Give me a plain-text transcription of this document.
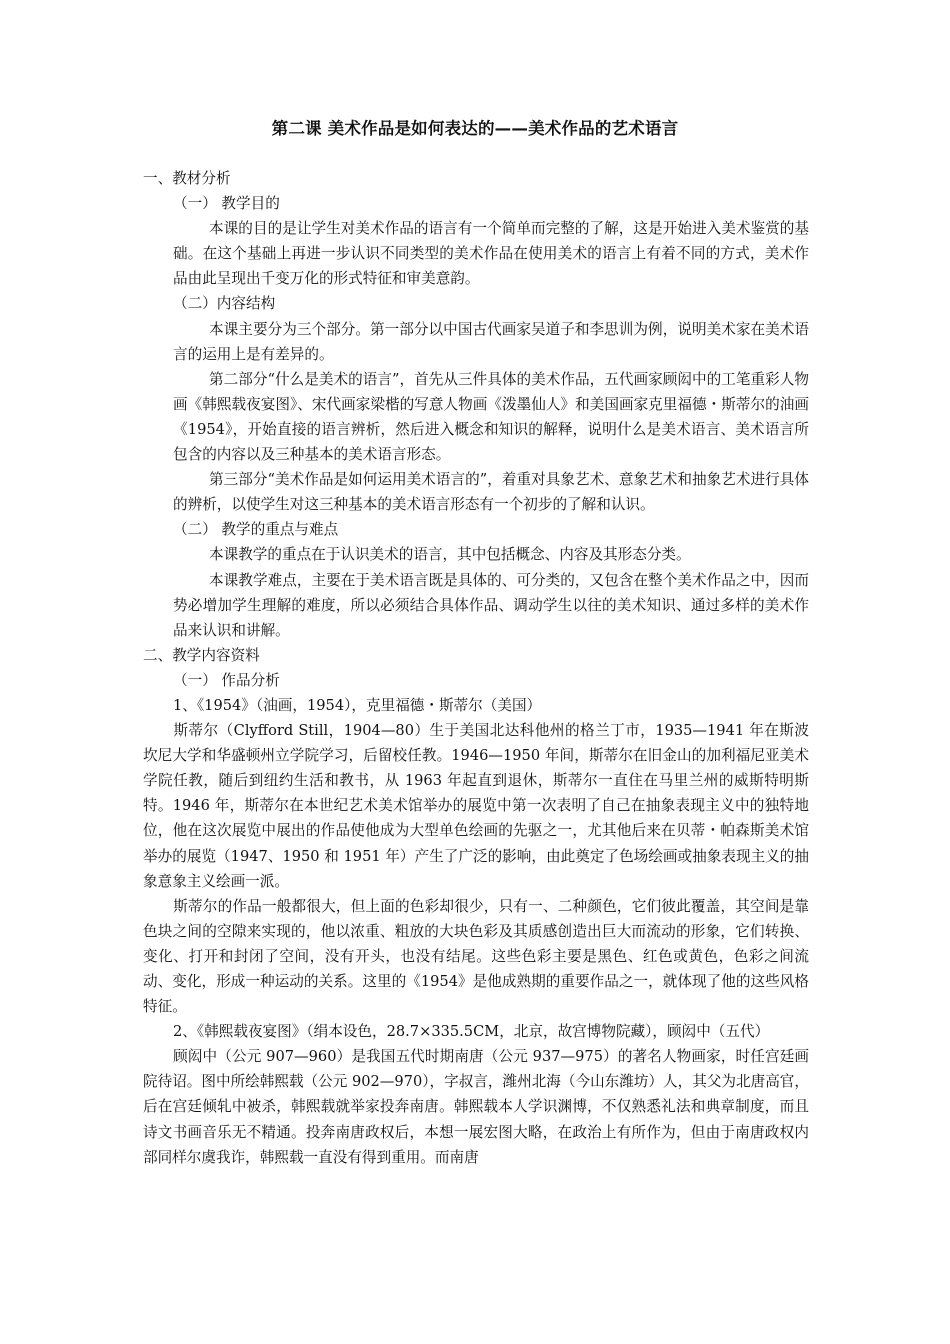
第二课 美术作品是如何表达的——美术作品的艺术语言

一、教材分析

（一） 教学目的

本课的目的是让学生对美术作品的语言有一个简单而完整的了解，这是开始进入美术鉴赏的基础。在这个基础上再进一步认识不同类型的美术作品在使用美术的语言上有着不同的方式，美术作品由此呈现出千变万化的形式特征和审美意韵。

（二）内容结构

本课主要分为三个部分。第一部分以中国古代画家吴道子和李思训为例，说明美术家在美术语言的运用上是有差异的。

第二部分“什么是美术的语言”，首先从三件具体的美术作品，五代画家顾闳中的工笔重彩人物画《韩熙载夜宴图》、宋代画家梁楷的写意人物画《泼墨仙人》和美国画家克里福德・斯蒂尔的油画《1954》，开始直接的语言辨析，然后进入概念和知识的解释，说明什么是美术语言、美术语言所包含的内容以及三种基本的美术语言形态。

第三部分“美术作品是如何运用美术语言的”，着重对具象艺术、意象艺术和抽象艺术进行具体的辨析，以使学生对这三种基本的美术语言形态有一个初步的了解和认识。

（二） 教学的重点与难点

本课教学的重点在于认识美术的语言，其中包括概念、内容及其形态分类。

本课教学难点，主要在于美术语言既是具体的、可分类的，又包含在整个美术作品之中，因而势必增加学生理解的难度，所以必须结合具体作品、调动学生以往的美术知识、通过多样的美术作品来认识和讲解。

二、教学内容资料

（一） 作品分析

1、《1954》（油画，1954），克里福德・斯蒂尔（美国）

斯蒂尔（Clyfford Still，1904—80）生于美国北达科他州的格兰丁市，1935—1941 年在斯波坎尼大学和华盛顿州立学院学习，后留校任教。1946—1950 年间，斯蒂尔在旧金山的加利福尼亚美术学院任教，随后到纽约生活和教书，从 1963 年起直到退休，斯蒂尔一直住在马里兰州的威斯特明斯特。1946 年，斯蒂尔在本世纪艺术美术馆举办的展览中第一次表明了自己在抽象表现主义中的独特地位，他在这次展览中展出的作品使他成为大型单色绘画的先驱之一，尤其他后来在贝蒂・帕森斯美术馆举办的展览（1947、1950 和 1951 年）产生了广泛的影响，由此奠定了色场绘画或抽象表现主义的抽象意象主义绘画一派。

斯蒂尔的作品一般都很大，但上面的色彩却很少，只有一、二种颜色，它们彼此覆盖，其空间是靠色块之间的空隙来实现的，他以浓重、粗放的大块色彩及其质感创造出巨大而流动的形象，它们转换、变化、打开和封闭了空间，没有开头，也没有结尾。这些色彩主要是黑色、红色或黄色，色彩之间流动、变化，形成一种运动的关系。这里的《1954》是他成熟期的重要作品之一，就体现了他的这些风格特征。

2、《韩熙载夜宴图》（绢本设色，28.7×335.5CM，北京，故宫博物院藏），顾闳中（五代）

顾闳中（公元 907—960）是我国五代时期南唐（公元 937—975）的著名人物画家，时任宫廷画院待诏。图中所绘韩熙载（公元 902—970），字叔言，潍州北海（今山东潍坊）人，其父为北唐高官，后在宫廷倾轧中被杀，韩熙载就举家投奔南唐。韩熙载本人学识渊博，不仅熟悉礼法和典章制度，而且诗文书画音乐无不精通。投奔南唐政权后，本想一展宏图大略，在政治上有所作为，但由于南唐政权内部同样尔虞我诈，韩熙载一直没有得到重用。而南唐
